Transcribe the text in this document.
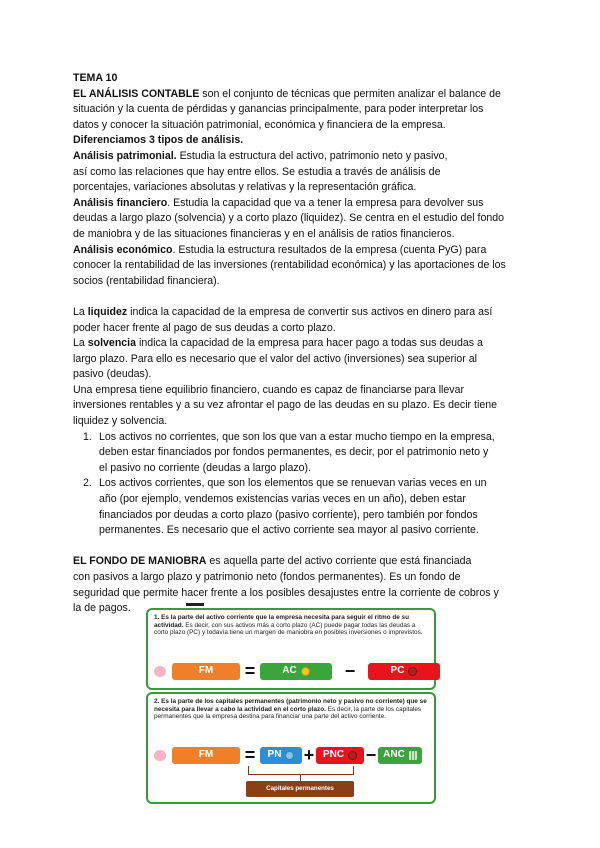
TEMA 10

EL ANÁLISIS CONTABLE son el conjunto de técnicas que permiten analizar el balance de
situación y la cuenta de pérdidas y ganancias principalmente, para poder interpretar los
datos y conocer la situación patrimonial, económica y financiera de la empresa.

Diferenciamos 3 tipos de análisis.

Análisis patrimonial. Estudia la estructura del activo, patrimonio neto y pasivo,
así como las relaciones que hay entre ellos. Se estudia a través de análisis de
porcentajes, variaciones absolutas y relativas y la representación gráfica.

Análisis financiero. Estudia la capacidad que va a tener la empresa para devolver sus
deudas a largo plazo (solvencia) y a corto plazo (liquidez). Se centra en el estudio del fondo
de maniobra y de las situaciones financieras y en el análisis de ratios financieros.

Análisis económico. Estudia la estructura resultados de la empresa (cuenta PyG) para
conocer la rentabilidad de las inversiones (rentabilidad económica) y las aportaciones de los
socios (rentabilidad financiera).

La liquidez indica la capacidad de la empresa de convertir sus activos en dinero para así
poder hacer frente al pago de sus deudas a corto plazo.

La solvencia indica la capacidad de la empresa para hacer pago a todas sus deudas a
largo plazo. Para ello es necesario que el valor del activo (inversiones) sea superior al
pasivo (deudas).

Una empresa tiene equilibrio financiero, cuando es capaz de financiarse para llevar
inversiones rentables y a su vez afrontar el pago de las deudas en su plazo. Es decir tiene
liquidez y solvencia.

1. Los activos no corrientes, que son los que van a estar mucho tiempo en la empresa,
deben estar financiados por fondos permanentes, es decir, por el patrimonio neto y
el pasivo no corriente (deudas a largo plazo).
2. Los activos corrientes, que son los elementos que se renuevan varias veces en un
año (por ejemplo, vendemos existencias varias veces en un año), deben estar
financiados por deudas a corto plazo (pasivo corriente), pero también por fondos
permanentes. Es necesario que el activo corriente sea mayor al pasivo corriente.

EL FONDO DE MANIOBRA es aquella parte del activo corriente que está financiada
con pasivos a largo plazo y patrimonio neto (fondos permanentes). Es un fondo de
seguridad que permite hacer frente a los posibles desajustes entre la corriente de cobros y
la de pagos.

1. Es la parte del activo corriente que la empresa necesita para seguir el ritmo de su actividad. Es decir, con sus activos más a corto plazo (AC) puede pagar todas las deudas a corto plazo (PC) y todavía tiene un margen de maniobra en posibles inversiones o imprevistos.
FM =	AC	−	PC
2. Es la parte de los capitales permanentes (patrimonio neto y pasivo no corriente) que se necesita para llevar a cabo la actividad en el corto plazo. Es decir, la parte de los capitales permanentes que la empresa destina para financiar una parte del activo corriente.
FM =	PN + PNC − ANC
Capitales permanentes
